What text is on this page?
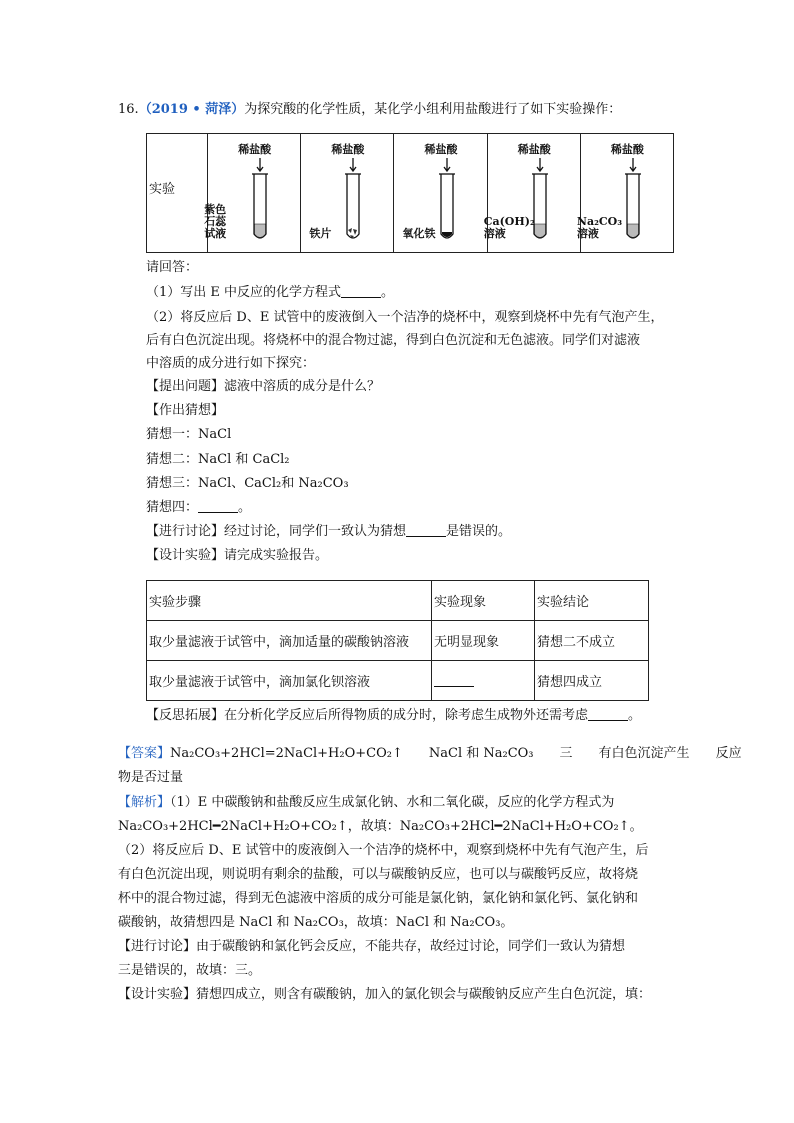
16.（2019 • 菏泽）为探究酸的化学性质，某化学小组利用盐酸进行了如下实验操作：
实验

稀盐酸
紫色
石蕊
试液
稀盐酸
铁片
稀盐酸
氧化铁
稀盐酸
Ca(OH)₂
溶液
稀盐酸
Na₂CO₃
溶液
请回答：
（1）写出 E 中反应的化学方程式	。
（2）将反应后 D、E 试管中的废液倒入一个洁净的烧杯中，观察到烧杯中先有气泡产生，
后有白色沉淀出现。将烧杯中的混合物过滤，得到白色沉淀和无色滤液。同学们对滤液
中溶质的成分进行如下探究：
【提出问题】滤液中溶质的成分是什么？
【作出猜想】
猜想一：NaCl
猜想二：NaCl 和 CaCl₂
猜想三：NaCl、CaCl₂和 Na₂CO₃
猜想四：	。
【进行讨论】经过讨论，同学们一致认为猜想	是错误的。
【设计实验】请完成实验报告。
实验步骤	实验现象	实验结论
取少量滤液于试管中，滴加适量的碳酸钠溶液	无明显现象	猜想二不成立
取少量滤液于试管中，滴加氯化钡溶液		猜想四成立
【反思拓展】在分析化学反应后所得物质的成分时，除考虑生成物外还需考虑	。
【答案】Na₂CO₃+2HCl=2NaCl+H₂O+CO₂↑ NaCl 和 Na₂CO₃ 三 有白色沉淀产生 反应
物是否过量
【解析】（1）E 中碳酸钠和盐酸反应生成氯化钠、水和二氧化碳，反应的化学方程式为
Na₂CO₃+2HCl━2NaCl+H₂O+CO₂↑，故填：Na₂CO₃+2HCl━2NaCl+H₂O+CO₂↑。
（2）将反应后 D、E 试管中的废液倒入一个洁净的烧杯中，观察到烧杯中先有气泡产生，后
有白色沉淀出现，则说明有剩余的盐酸，可以与碳酸钠反应，也可以与碳酸钙反应，故将烧
杯中的混合物过滤，得到无色滤液中溶质的成分可能是氯化钠，氯化钠和氯化钙、氯化钠和
碳酸钠，故猜想四是 NaCl 和 Na₂CO₃，故填：NaCl 和 Na₂CO₃。
【进行讨论】由于碳酸钠和氯化钙会反应，不能共存，故经过讨论，同学们一致认为猜想
三是错误的，故填：三。
【设计实验】猜想四成立，则含有碳酸钠，加入的氯化钡会与碳酸钠反应产生白色沉淀，填：
